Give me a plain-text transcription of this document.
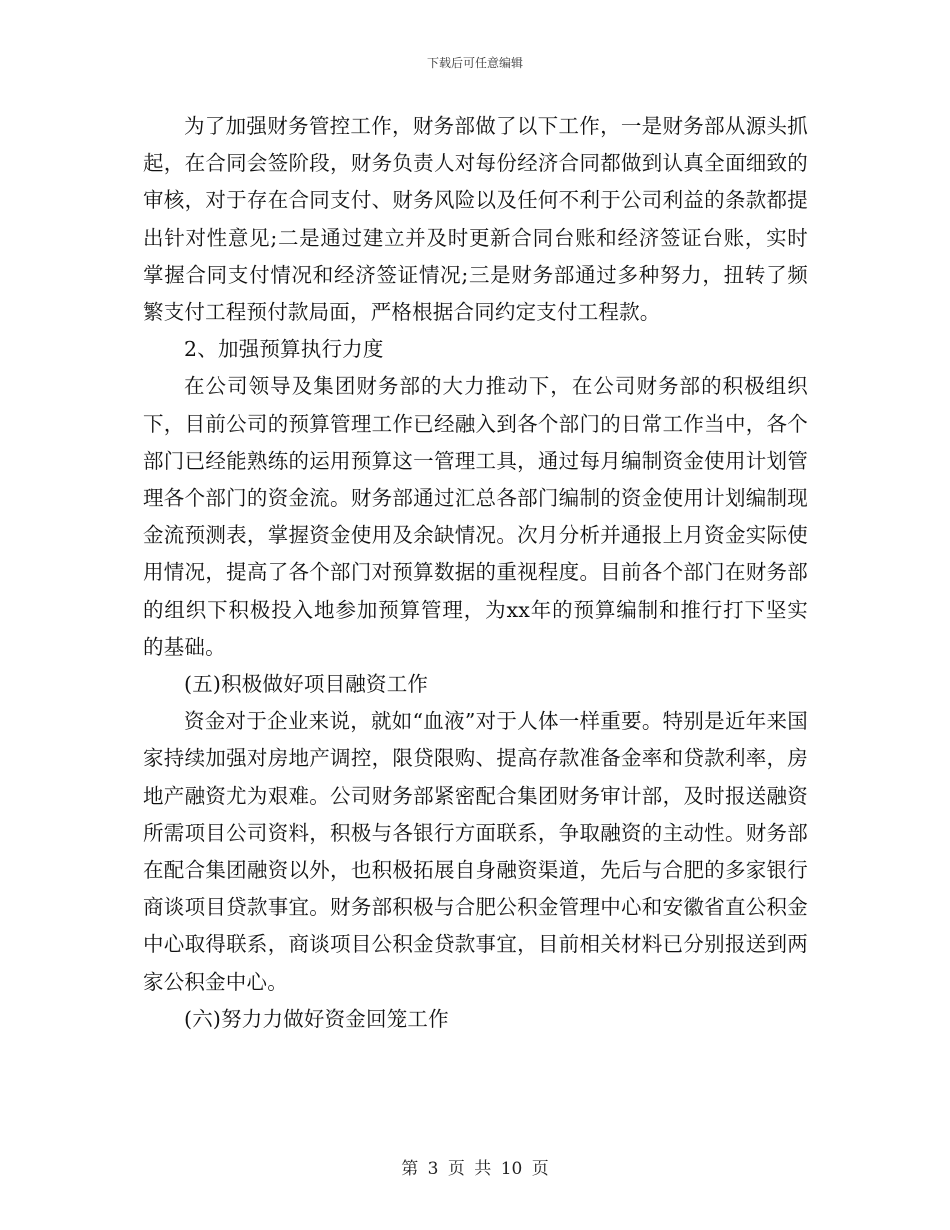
下载后可任意编辑

为了加强财务管控工作，财务部做了以下工作，一是财务部从源头抓起，在合同会签阶段，财务负责人对每份经济合同都做到认真全面细致的审核，对于存在合同支付、财务风险以及任何不利于公司利益的条款都提出针对性意见;二是通过建立并及时更新合同台账和经济签证台账，实时掌握合同支付情况和经济签证情况;三是财务部通过多种努力，扭转了频繁支付工程预付款局面，严格根据合同约定支付工程款。

2、加强预算执行力度

在公司领导及集团财务部的大力推动下，在公司财务部的积极组织下，目前公司的预算管理工作已经融入到各个部门的日常工作当中，各个部门已经能熟练的运用预算这一管理工具，通过每月编制资金使用计划管理各个部门的资金流。财务部通过汇总各部门编制的资金使用计划编制现金流预测表，掌握资金使用及余缺情况。次月分析并通报上月资金实际使用情况，提高了各个部门对预算数据的重视程度。目前各个部门在财务部的组织下积极投入地参加预算管理，为xx年的预算编制和推行打下坚实的基础。

(五)积极做好项目融资工作

资金对于企业来说，就如“血液”对于人体一样重要。特别是近年来国家持续加强对房地产调控，限贷限购、提高存款准备金率和贷款利率，房地产融资尤为艰难。公司财务部紧密配合集团财务审计部，及时报送融资所需项目公司资料，积极与各银行方面联系，争取融资的主动性。财务部在配合集团融资以外，也积极拓展自身融资渠道，先后与合肥的多家银行商谈项目贷款事宜。财务部积极与合肥公积金管理中心和安徽省直公积金中心取得联系，商谈项目公积金贷款事宜，目前相关材料已分别报送到两家公积金中心。

(六)努力力做好资金回笼工作

第 3 页 共 10 页
